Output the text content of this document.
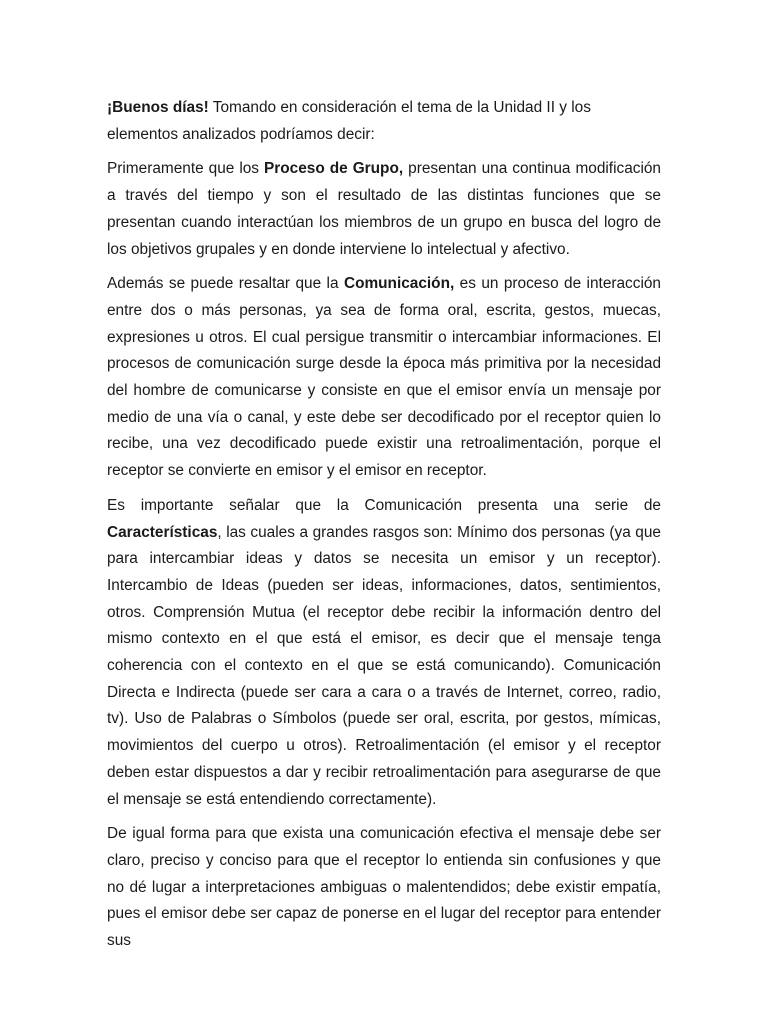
¡Buenos días! Tomando en consideración el tema de la Unidad II y los elementos analizados podríamos decir:

Primeramente que los Proceso de Grupo, presentan una continua modificación a través del tiempo y son el resultado de las distintas funciones que se presentan cuando interactúan los miembros de un grupo en busca del logro de los objetivos grupales y en donde interviene lo intelectual y afectivo.

Además se puede resaltar que la Comunicación, es un proceso de interacción entre dos o más personas, ya sea de forma oral, escrita, gestos, muecas, expresiones u otros. El cual persigue transmitir o intercambiar informaciones. El procesos de comunicación surge desde la época más primitiva por la necesidad del hombre de comunicarse y consiste en que el emisor envía un mensaje por medio de una vía o canal, y este debe ser decodificado por el receptor quien lo recibe, una vez decodificado puede existir una retroalimentación, porque el receptor se convierte en emisor y el emisor en receptor.

Es importante señalar que la Comunicación presenta una serie de Características, las cuales a grandes rasgos son: Mínimo dos personas (ya que para intercambiar ideas y datos se necesita un emisor y un receptor). Intercambio de Ideas (pueden ser ideas, informaciones, datos, sentimientos, otros. Comprensión Mutua (el receptor debe recibir la información dentro del mismo contexto en el que está el emisor, es decir que el mensaje tenga coherencia con el contexto en el que se está comunicando). Comunicación Directa e Indirecta (puede ser cara a cara o a través de Internet, correo, radio, tv). Uso de Palabras o Símbolos (puede ser oral, escrita, por gestos, mímicas, movimientos del cuerpo u otros). Retroalimentación (el emisor y el receptor deben estar dispuestos a dar y recibir retroalimentación para asegurarse de que el mensaje se está entendiendo correctamente).

De igual forma para que exista una comunicación efectiva el mensaje debe ser claro, preciso y conciso para que el receptor lo entienda sin confusiones y que no dé lugar a interpretaciones ambiguas o malentendidos; debe existir empatía, pues el emisor debe ser capaz de ponerse en el lugar del receptor para entender sus
